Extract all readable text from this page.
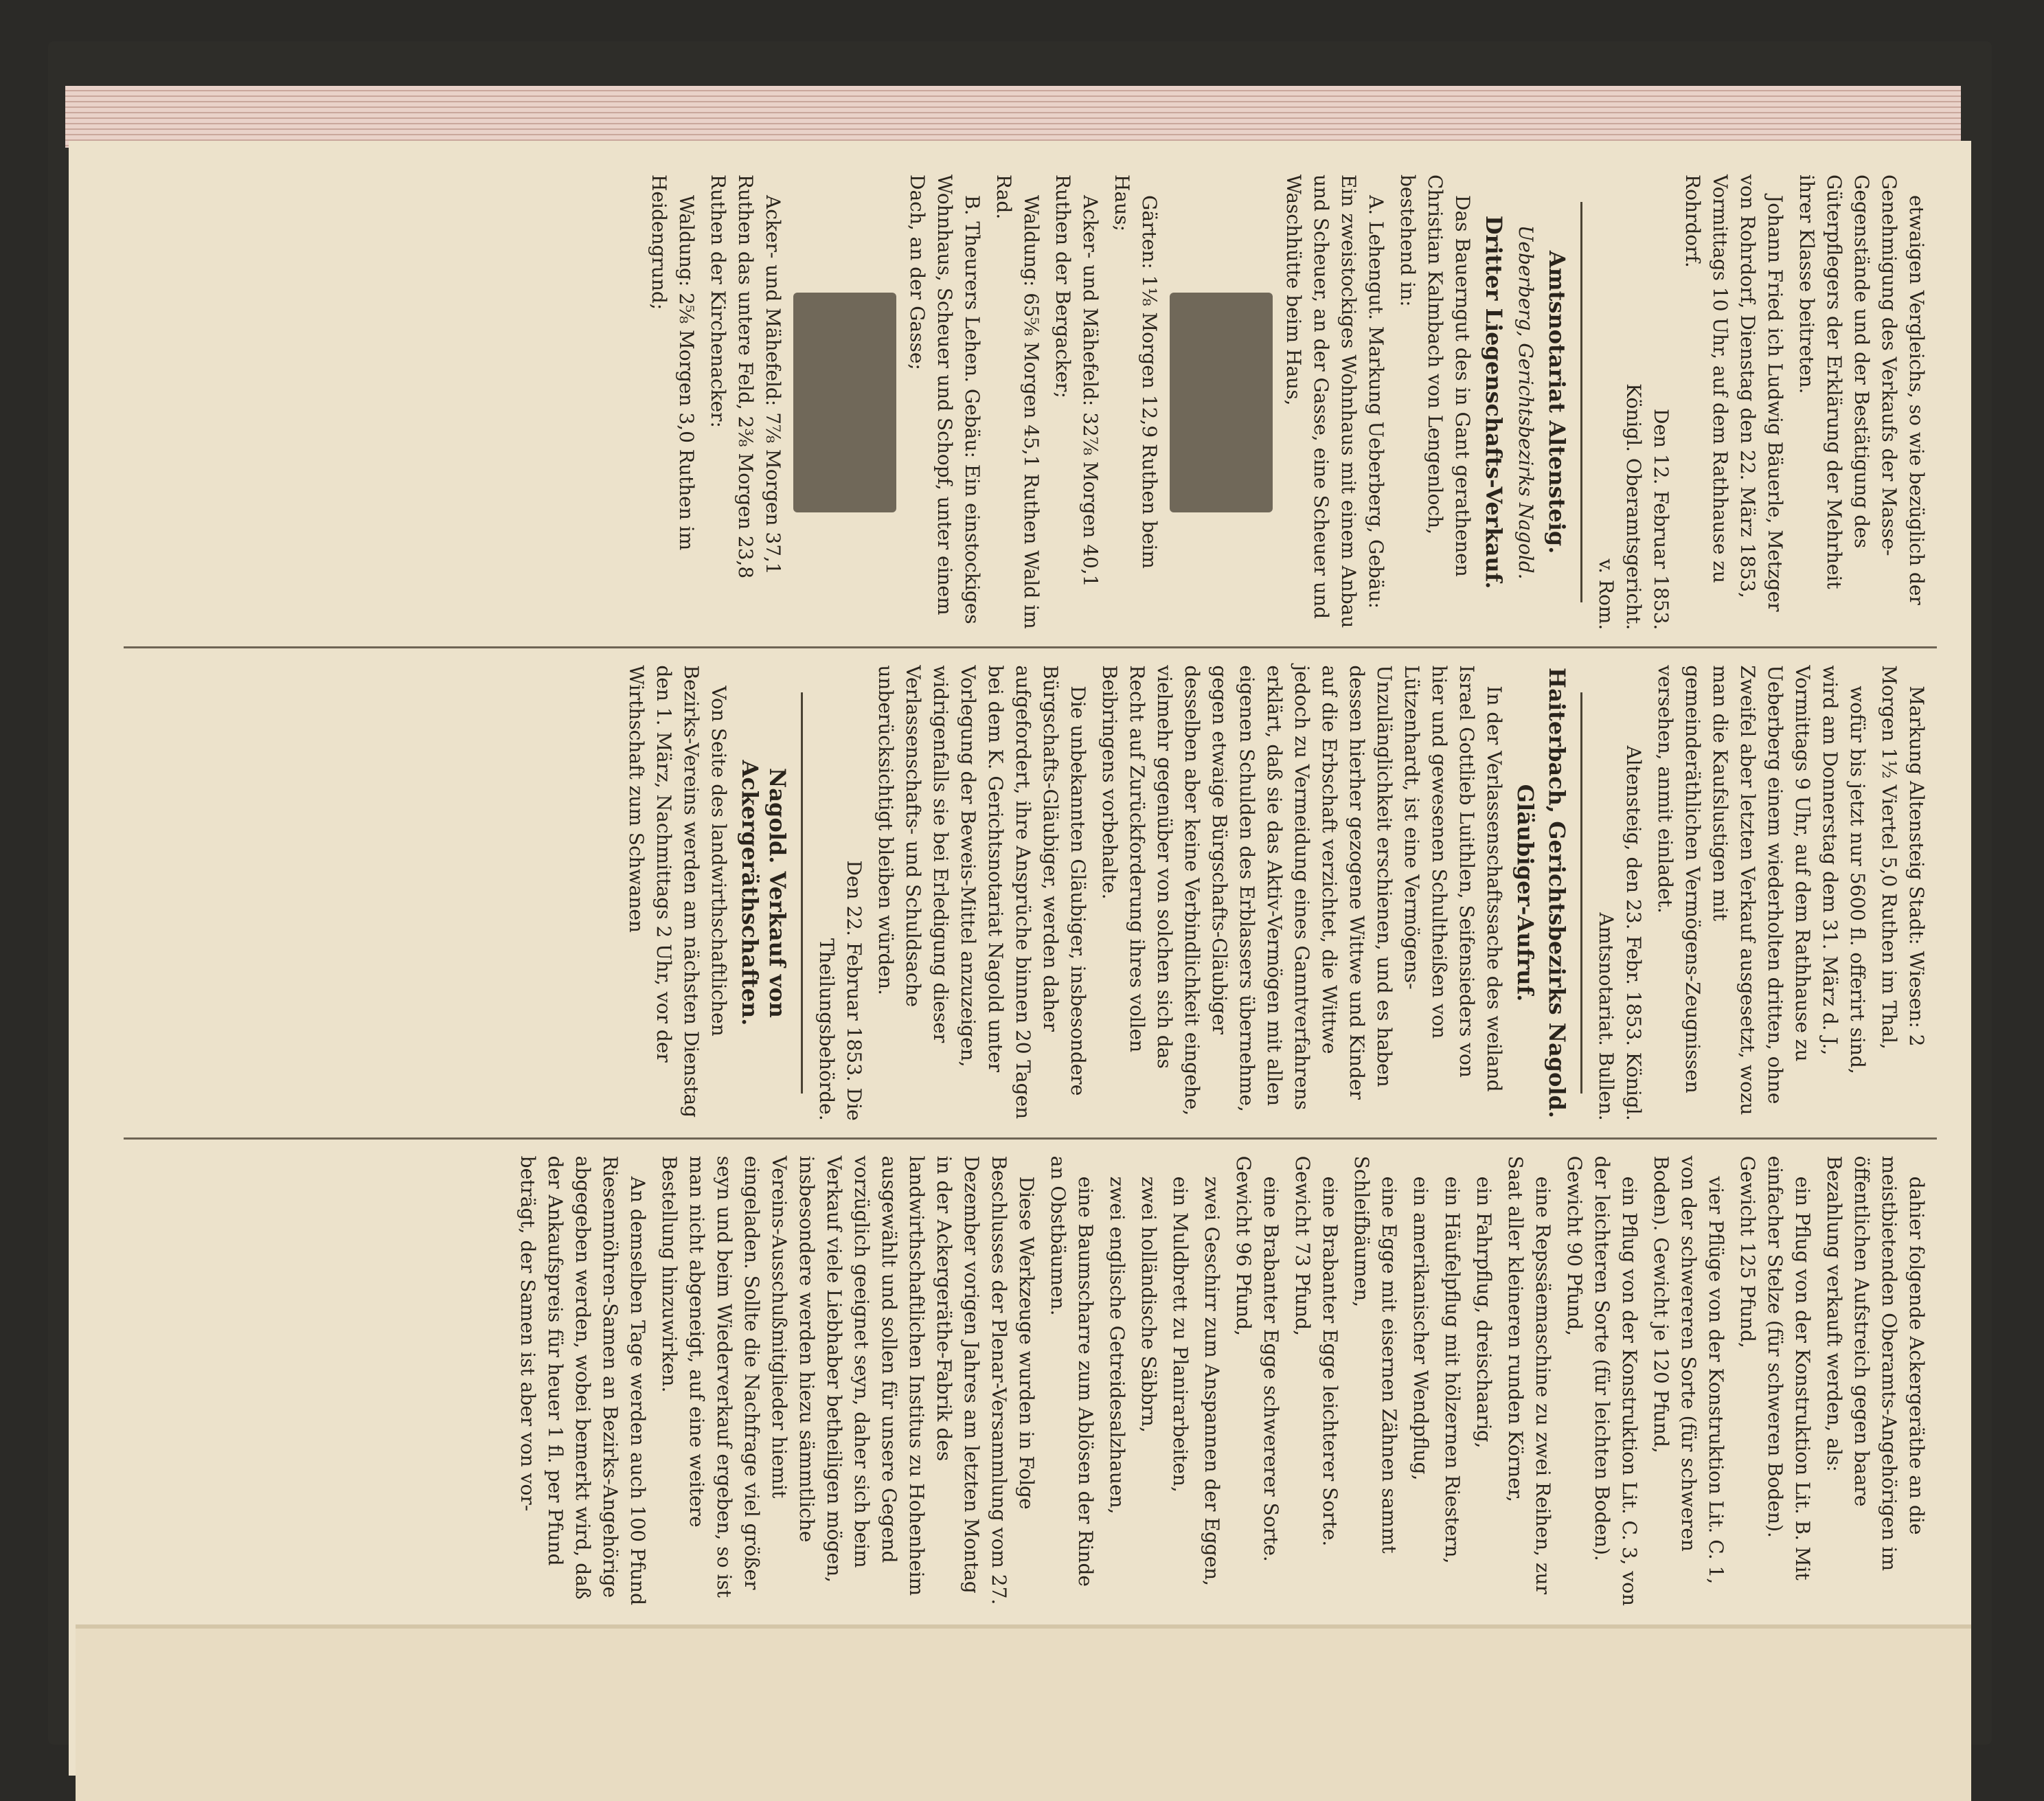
etwaigen Vergleichs, so wie bezüglich der Genehmigung des Verkaufs der Masse-Gegenstände und der Bestätigung des Güterpflegers der Erklärung der Mehrheit ihrer Klasse beitreten.

Johann Fried ich Ludwig Bäuerle, Metzger von Rohrdorf, Dienstag den 22. März 1853, Vormittags 10 Uhr, auf dem Rathhause zu Rohrdorf.

Den 12. Februar 1853.
Königl. Oberamtsgericht.
v. Rom.
Amtsnotariat Altensteig.
Ueberberg, Gerichtsbezirks Nagold.
Dritter Liegenschafts-Verkauf.

Das Bauerngut des in Gant gerathenen Christian Kalmbach von Lengenloch, bestehend in:

A. Lehengut. Markung Ueberberg, Gebäu: Ein zweistockiges Wohnhaus mit einem Anbau und Scheuer, an der Gasse, eine Scheuer und Waschhütte beim Haus,

Gärten: 1⅛ Morgen 12,9 Ruthen beim Haus;

Acker- und Mähefeld: 32⅞ Morgen 40,1 Ruthen der Bergacker;

Waldung: 65⅝ Morgen 45,1 Ruthen Wald im Rad.

B. Theurers Lehen. Gebäu: Ein einstockiges Wohnhaus, Scheuer und Schopf, unter einem Dach, an der Gasse;

Acker- und Mähefeld: 7⅞ Morgen 37,1 Ruthen das untere Feld, 2⅜ Morgen 23,8 Ruthen der Kirchenacker:

Waldung: 2⅝ Morgen 3,0 Ruthen im Heidengrund;

Markung Altensteig Stadt: Wiesen: 2 Morgen 1½ Viertel 5,0 Ruthen im Thal,

wofür bis jetzt nur 5600 fl. offerirt sind, wird am Donnerstag dem 31. März d. J., Vormittags 9 Uhr, auf dem Rathhause zu Ueberberg einem wiederholten dritten, ohne Zweifel aber letzten Verkauf ausgesetzt, wozu man die Kaufslustigen mit gemeinderäthlichen Vermögens-Zeugnissen versehen, anmit einladet.

Altensteig, den 23. Febr. 1853. Königl. Amtsnotariat. Bullen.

Haiterbach, Gerichtsbezirks Nagold.
Gläubiger-Aufruf.

In der Verlassenschaftssache des weiland Israel Gottlieb Luithlen, Seifensieders von hier und gewesenen Schultheißen von Lützenhardt, ist eine Vermögens-Unzulänglichkeit erschienen, und es haben dessen hierher gezogene Wittwe und Kinder auf die Erbschaft verzichtet, die Wittwe jedoch zu Vermeidung eines Ganntverfahrens erklärt, daß sie das Aktiv-Vermögen mit allen eigenen Schulden des Erblassers übernehme, gegen etwaige Bürgschafts-Gläubiger desselben aber keine Verbindlichkeit eingehe, vielmehr gegenüber von solchen sich das Recht auf Zurückforderung ihres vollen Beibringens vorbehalte.

Die unbekannten Gläubiger, insbesondere Bürgschafts-Gläubiger, werden daher aufgefordert, ihre Ansprüche binnen 20 Tagen bei dem K. Gerichtsnotariat Nagold unter Vorlegung der Beweis-Mittel anzuzeigen, widrigenfalls sie bei Erledigung dieser Verlassenschafts- und Schuldsache unberücksichtigt bleiben würden.

Den 22. Februar 1853. Die Theilungsbehörde.

Nagold. Verkauf von Ackergeräthschaften.

Von Seite des landwirthschaftlichen Bezirks-Vereins werden am nächsten Dienstag den 1. März, Nachmittags 2 Uhr, vor der Wirthschaft zum Schwanen

dahier folgende Ackergeräthe an die meistbietenden Oberamts-Angehörigen im öffentlichen Aufstreich gegen baare Bezahlung verkauft werden, als:

ein Pflug von der Konstruktion Lit. B. Mit einfacher Stelze (für schweren Boden). Gewicht 125 Pfund,

vier Pflüge von der Konstruktion Lit. C. 1, von der schwereren Sorte (für schweren Boden). Gewicht je 120 Pfund,

ein Pflug von der Konstruktion Lit. C. 3, von der leichteren Sorte (für leichten Boden). Gewicht 90 Pfund,

eine Repssäemaschine zu zwei Reihen, zur Saat aller kleineren runden Körner,

ein Fahrpflug, dreischaarig,

ein Häufelpflug mit hölzernen Riestern,

ein amerikanischer Wendpflug,

eine Egge mit eisernen Zähnen sammt Schleifbäumen,

eine Brabanter Egge leichterer Sorte. Gewicht 73 Pfund,

eine Brabanter Egge schwererer Sorte. Gewicht 96 Pfund,

zwei Geschirr zum Anspannen der Eggen,

ein Muldbrett zu Planirarbeiten,

zwei holländische Säbbrn,

zwei englische Getreidesalzhauen,

eine Baumscharre zum Ablösen der Rinde an Obstbäumen.

Diese Werkzeuge wurden in Folge Beschlusses der Plenar-Versammlung vom 27. Dezember vorigen Jahres am letzten Montag in der Ackergeräthe-Fabrik des landwirthschaftlichen Institus zu Hohenheim ausgewählt und sollen für unsere Gegend vorzüglich geeignet seyn, daher sich beim Verkauf viele Liebhaber betheiligen mögen, insbesondere werden hiezu sämmtliche Vereins-Ausschußmitglieder hiemit eingeladen. Sollte die Nachfrage viel größer seyn und beim Wiederverkauf ergeben, so ist man nicht abgeneigt, auf eine weitere Bestellung hinzuwirken.

An demselben Tage werden auch 100 Pfund Riesenmöhren-Samen an Bezirks-Angehörige abgegeben werden, wobei bemerkt wird, daß der Ankaufspreis für heuer 1 fl. per Pfund beträgt, der Samen ist aber von vor-
